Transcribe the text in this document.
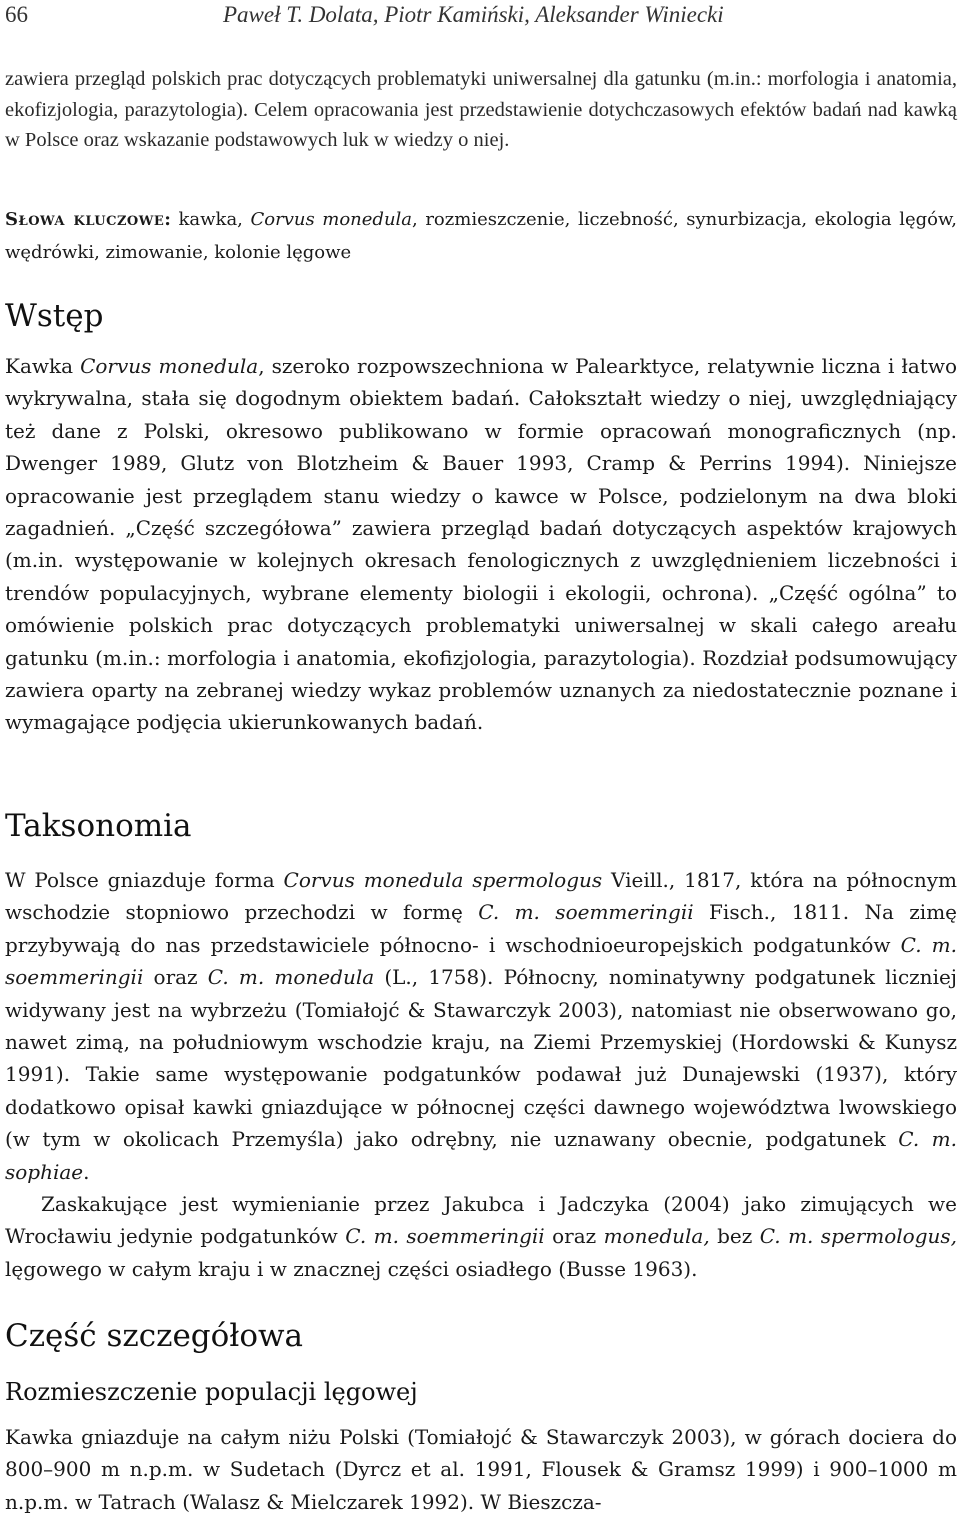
66	Paweł T. Dolata, Piotr Kamiński, Aleksander Winiecki

zawiera przegląd polskich prac dotyczących problematyki uniwersalnej dla gatunku (m.in.: morfologia i anatomia, ekofizjologia, parazytologia). Celem opracowania jest przedstawienie dotychczasowych efektów badań nad kawką w Polsce oraz wskazanie podstawowych luk w wiedzy o niej.

Słowa kluczowe: kawka, Corvus monedula, rozmieszczenie, liczebność, synurbizacja, ekologia lęgów, wędrówki, zimowanie, kolonie lęgowe
Wstęp

Kawka Corvus monedula, szeroko rozpowszechniona w Palearktyce, relatywnie liczna i łatwo wykrywalna, stała się dogodnym obiektem badań. Całokształt wiedzy o niej, uwzględniający też dane z Polski, okresowo publikowano w formie opracowań monograficznych (np. Dwenger 1989, Glutz von Blotzheim & Bauer 1993, Cramp & Perrins 1994). Niniejsze opracowanie jest przeglądem stanu wiedzy o kawce w Polsce, podzielonym na dwa bloki zagadnień. „Część szczegółowa” zawiera przegląd badań dotyczących aspektów krajowych (m.in. występowanie w kolejnych okresach fenologicznych z uwzględnieniem liczebności i trendów populacyjnych, wybrane elementy biologii i ekologii, ochrona). „Część ogólna” to omówienie polskich prac dotyczących problematyki uniwersalnej w skali całego areału gatunku (m.in.: morfologia i anatomia, ekofizjologia, parazytologia). Rozdział podsumowujący zawiera oparty na zebranej wiedzy wykaz problemów uznanych za niedostatecznie poznane i wymagające podjęcia ukierunkowanych badań.

Taksonomia

W Polsce gniazduje forma Corvus monedula spermologus Vieill., 1817, która na północnym wschodzie stopniowo przechodzi w formę C. m. soemmeringii Fisch., 1811. Na zimę przybywają do nas przedstawiciele północno- i wschodnioeuropejskich podgatunków C. m. soemmeringii oraz C. m. monedula (L., 1758). Północny, nominatywny podgatunek liczniej widywany jest na wybrzeżu (Tomiałojć & Stawarczyk 2003), natomiast nie obserwowano go, nawet zimą, na południowym wschodzie kraju, na Ziemi Przemyskiej (Hordowski & Kunysz 1991). Takie same występowanie podgatunków podawał już Dunajewski (1937), który dodatkowo opisał kawki gniazdujące w północnej części dawnego województwa lwowskiego (w tym w okolicach Przemyśla) jako odrębny, nie uznawany obecnie, podgatunek C. m. sophiae.

Zaskakujące jest wymienianie przez Jakubca i Jadczyka (2004) jako zimujących we Wrocławiu jedynie podgatunków C. m. soemmeringii oraz monedula, bez C. m. spermologus, lęgowego w całym kraju i w znacznej części osiadłego (Busse 1963).

Część szczegółowa
Rozmieszczenie populacji lęgowej

Kawka gniazduje na całym niżu Polski (Tomiałojć & Stawarczyk 2003), w górach dociera do 800–900 m n.p.m. w Sudetach (Dyrcz et al. 1991, Flousek & Gramsz 1999) i 900–1000 m n.p.m. w Tatrach (Walasz & Mielczarek 1992). W Bieszcza-
